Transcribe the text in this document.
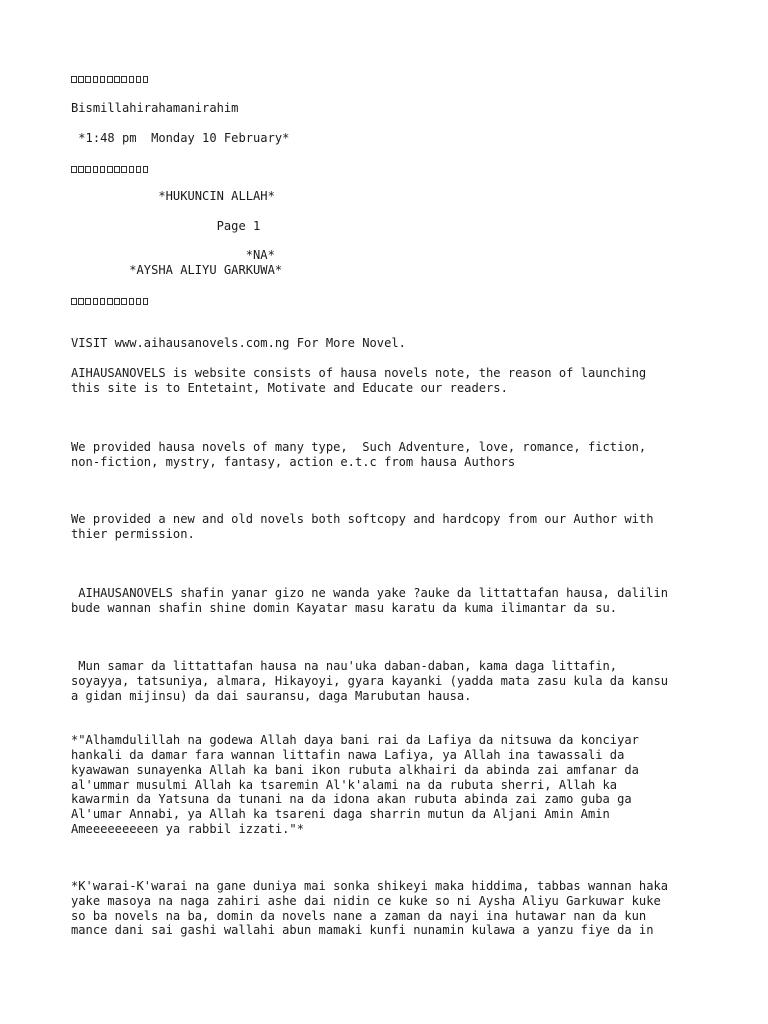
Bismillahirahamanirahim
*1:48 pm  Monday 10 February*
*HUKUNCIN ALLAH*
Page 1
*NA*
*AYSHA ALIYU GARKUWA*
VISIT www.aihausanovels.com.ng For More Novel.
AIHAUSANOVELS is website consists of hausa novels note, the reason of launching
this site is to Entetaint, Motivate and Educate our readers.
We provided hausa novels of many type,  Such Adventure, love, romance, fiction,
non-fiction, mystry, fantasy, action e.t.c from hausa Authors
We provided a new and old novels both softcopy and hardcopy from our Author with
thier permission.
AIHAUSANOVELS shafin yanar gizo ne wanda yake ?auke da littattafan hausa, dalilin
bude wannan shafin shine domin Kayatar masu karatu da kuma ilimantar da su.
Mun samar da littattafan hausa na nau'uka daban-daban, kama daga littafin,
soyayya, tatsuniya, almara, Hikayoyi, gyara kayanki (yadda mata zasu kula da kansu
a gidan mijinsu) da dai sauransu, daga Marubutan hausa.
*"Alhamdulillah na godewa Allah daya bani rai da Lafiya da nitsuwa da konciyar
hankali da damar fara wannan littafin nawa Lafiya, ya Allah ina tawassali da
kyawawan sunayenka Allah ka bani ikon rubuta alkhairi da abinda zai amfanar da
al'ummar musulmi Allah ka tsaremin Al'k'alami na da rubuta sherri, Allah ka
kawarmin da Yatsuna da tunani na da idona akan rubuta abinda zai zamo guba ga
Al'umar Annabi, ya Allah ka tsareni daga sharrin mutun da Aljani Amin Amin
Ameeeeeeeeen ya rabbil izzati."*
*K'warai-K'warai na gane duniya mai sonka shikeyi maka hiddima, tabbas wannan haka
yake masoya na naga zahiri ashe dai nidin ce kuke so ni Aysha Aliyu Garkuwar kuke
so ba novels na ba, domin da novels nane a zaman da nayi ina hutawar nan da kun
mance dani sai gashi wallahi abun mamaki kunfi nunamin kulawa a yanzu fiye da in
